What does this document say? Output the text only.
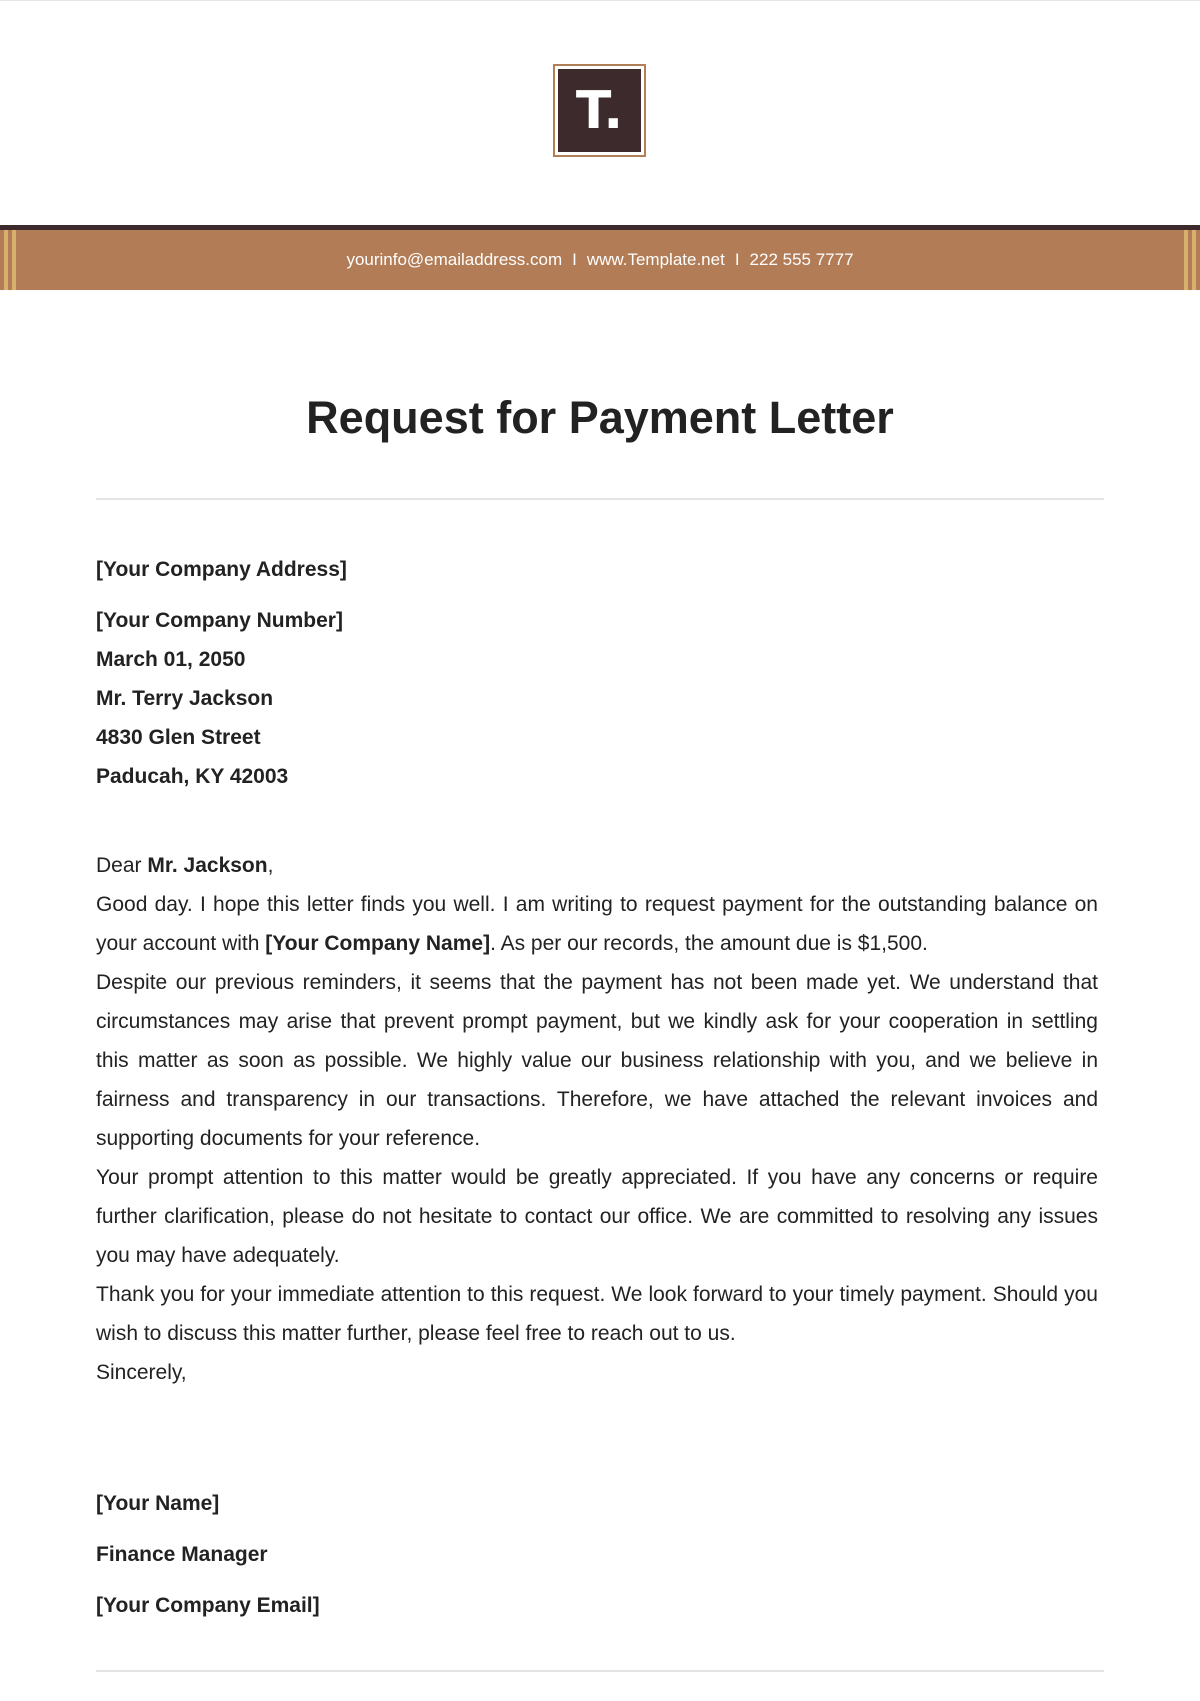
T.
yourinfo@emailaddress.com I www.Template.net I 222 555 7777
Request for Payment Letter

[Your Company Address]

[Your Company Number]

March 01, 2050

Mr. Terry Jackson

4830 Glen Street

Paducah, KY 42003

Dear Mr. Jackson,

Good day. I hope this letter finds you well. I am writing to request payment for the outstanding balance on your account with [Your Company Name]. As per our records, the amount due is $1,500.

Despite our previous reminders, it seems that the payment has not been made yet. We understand that circumstances may arise that prevent prompt payment, but we kindly ask for your cooperation in settling this matter as soon as possible. We highly value our business relationship with you, and we believe in fairness and transparency in our transactions. Therefore, we have attached the relevant invoices and supporting documents for your reference.

Your prompt attention to this matter would be greatly appreciated. If you have any concerns or require further clarification, please do not hesitate to contact our office. We are committed to resolving any issues you may have adequately.

Thank you for your immediate attention to this request. We look forward to your timely payment. Should you wish to discuss this matter further, please feel free to reach out to us.

Sincerely,

[Your Name]

Finance Manager

[Your Company Email]
